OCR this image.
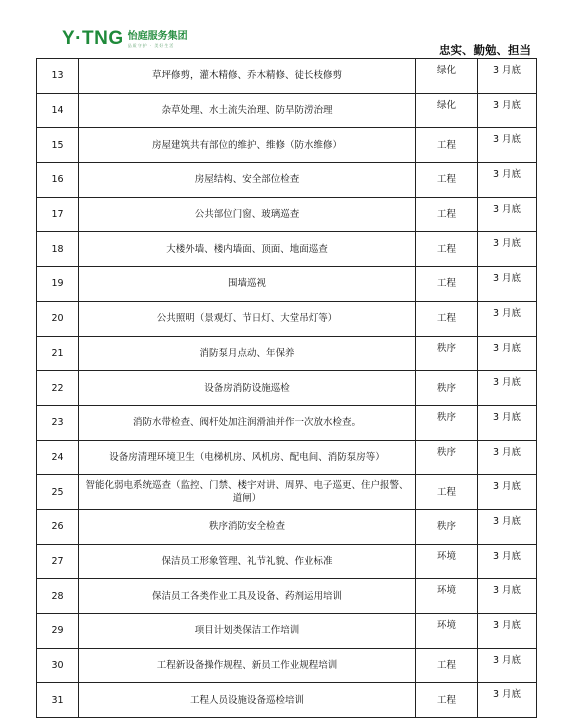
Y·TNG 怡庭服务集团
品质守护 · 美好生活	忠实、勤勉、担当
13	草坪修剪，灌木精修、乔木精修、徒长枝修剪	绿化	3 月底
14	杂草处理、水土流失治理、防旱防涝治理	绿化	3 月底
15	房屋建筑共有部位的维护、维修（防水维修）	工程	3 月底
16	房屋结构、安全部位检查	工程	3 月底
17	公共部位门窗、玻璃巡查	工程	3 月底
18	大楼外墙、楼内墙面、顶面、地面巡查	工程	3 月底
19	围墙巡视	工程	3 月底
20	公共照明（景观灯、节日灯、大堂吊灯等）	工程	3 月底
21	消防泵月点动、年保养	秩序	3 月底
22	设备房消防设施巡检	秩序	3 月底
23	消防水带检查、阀杆处加注润滑油并作一次放水检查。	秩序	3 月底
24	设备房清理环境卫生（电梯机房、风机房、配电间、消防泵房等）	秩序	3 月底
25	智能化弱电系统巡查（监控、门禁、楼宇对讲、周界、电子巡更、住户报警、道闸）	工程	3 月底
26	秩序消防安全检查	秩序	3 月底
27	保洁员工形象管理、礼节礼貌、作业标准	环境	3 月底
28	保洁员工各类作业工具及设备、药剂运用培训	环境	3 月底
29	项目计划类保洁工作培训	环境	3 月底
30	工程新设备操作规程、新员工作业规程培训	工程	3 月底
31	工程人员设施设备巡检培训	工程	3 月底
